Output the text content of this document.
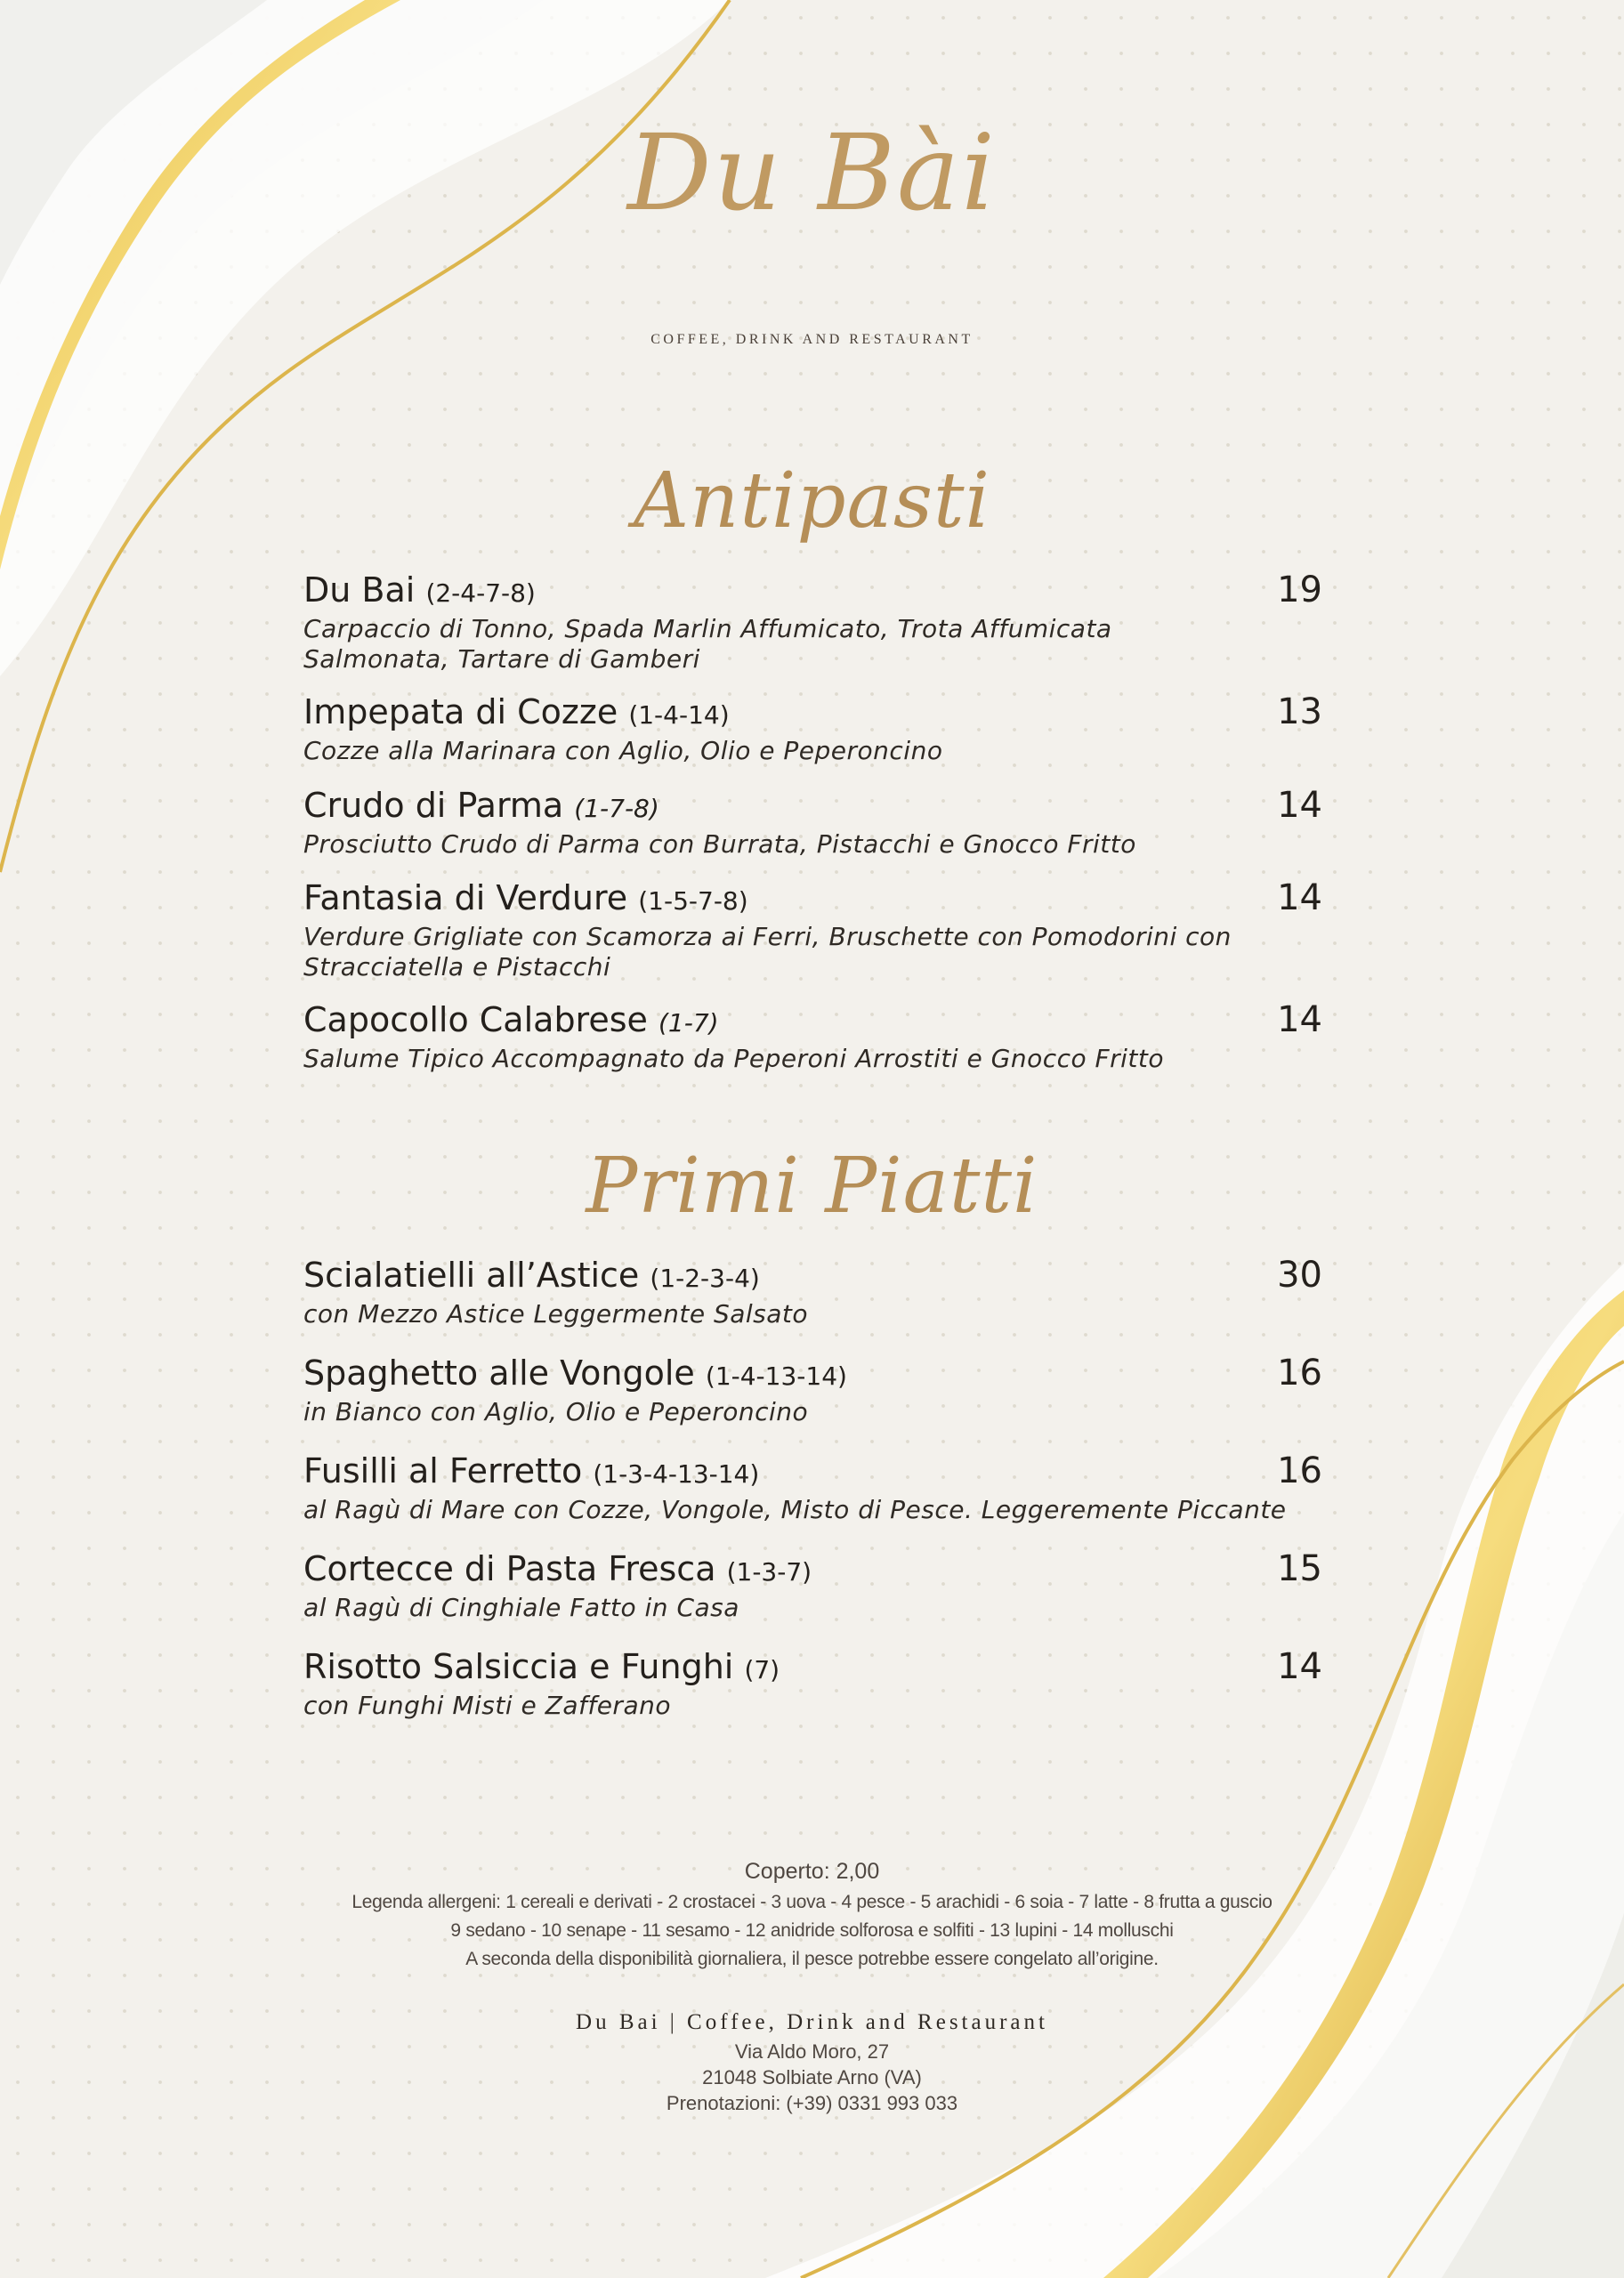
Du Bài
COFFEE, DRINK AND RESTAURANT
Antipasti
Du Bai (2-4-7-8)
Carpaccio di Tonno, Spada Marlin Affumicato, Trota Affumicata
Salmonata, Tartare di Gamberi
19
Impepata di Cozze (1-4-14)
Cozze alla Marinara con Aglio, Olio e Peperoncino
13
Crudo di Parma (1-7-8)
Prosciutto Crudo di Parma con Burrata, Pistacchi e Gnocco Fritto
14
Fantasia di Verdure (1-5-7-8)
Verdure Grigliate con Scamorza ai Ferri, Bruschette con Pomodorini con
Stracciatella e Pistacchi
14
Capocollo Calabrese (1-7)
Salume Tipico Accompagnato da Peperoni Arrostiti e Gnocco Fritto
14
Primi Piatti
Scialatielli all’Astice (1-2-3-4)
con Mezzo Astice Leggermente Salsato
30
Spaghetto alle Vongole (1-4-13-14)
in Bianco con Aglio, Olio e Peperoncino
16
Fusilli al Ferretto (1-3-4-13-14)
al Ragù di Mare con Cozze, Vongole, Misto di Pesce. Leggeremente Piccante
16
Cortecce di Pasta Fresca (1-3-7)
al Ragù di Cinghiale Fatto in Casa
15
Risotto Salsiccia e Funghi (7)
con Funghi Misti e Zafferano
14
Coperto: 2,00
Legenda allergeni: 1 cereali e derivati - 2 crostacei - 3 uova - 4 pesce - 5 arachidi - 6 soia - 7 latte - 8 frutta a guscio
9 sedano - 10 senape - 11 sesamo - 12 anidride solforosa e solfiti - 13 lupini - 14 molluschi
A seconda della disponibilità giornaliera, il pesce potrebbe essere congelato all’origine.
Du Bai | Coffee, Drink and Restaurant
Via Aldo Moro, 27
21048 Solbiate Arno (VA)
Prenotazioni: (+39) 0331 993 033
